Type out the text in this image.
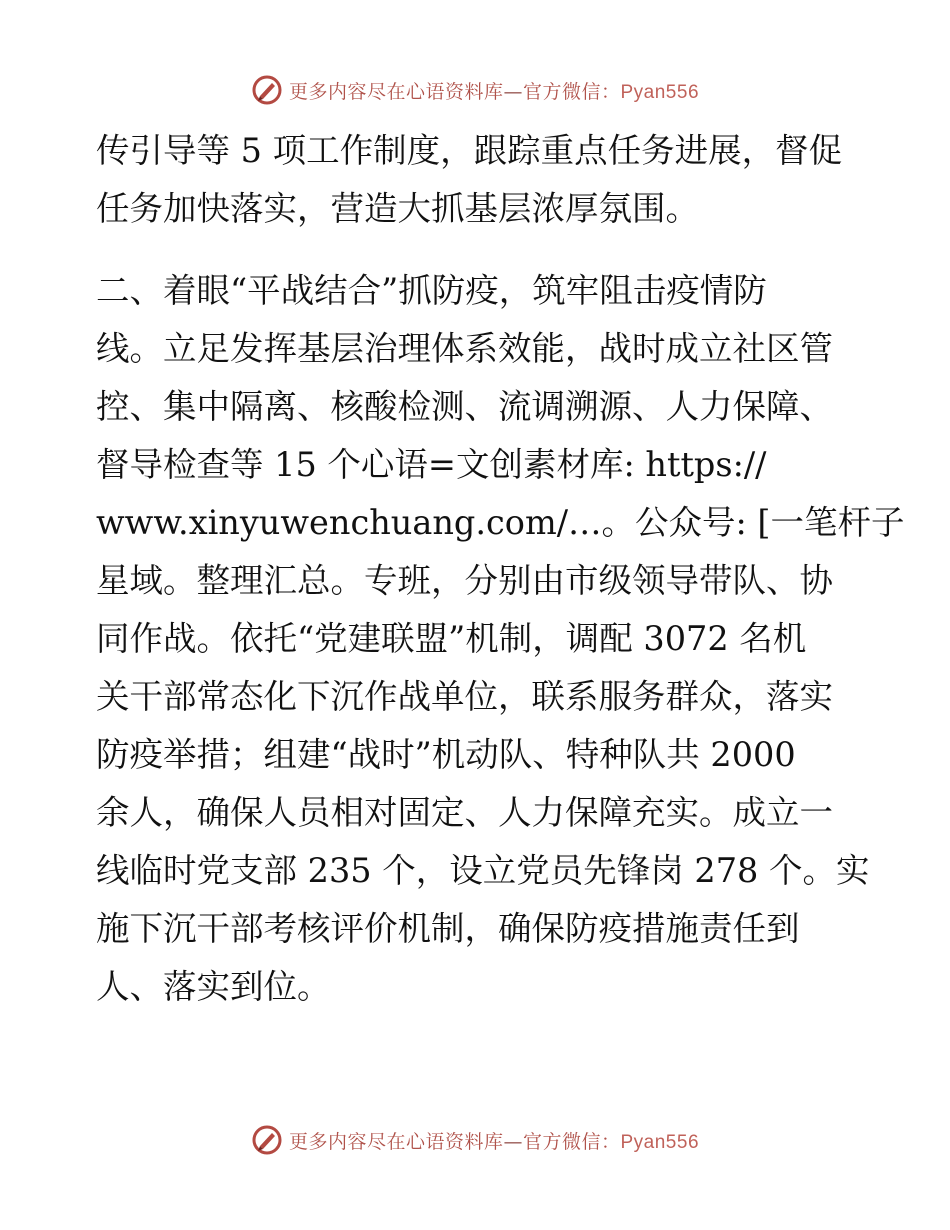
更多内容尽在心语资料库—官方微信：Pyan556
传引导等 5 项工作制度，跟踪重点任务进展，督促
任务加快落实，营造大抓基层浓厚氛围。
二、着眼“平战结合”抓防疫，筑牢阻击疫情防
线。立足发挥基层治理体系效能，战时成立社区管
控、集中隔离、核酸检测、流调溯源、人力保障、
督导检查等 15 个心语=文创素材库: https://
www.xinyuwenchuang.com/…。公众号: [一笔杆子
星域。整理汇总。专班，分别由市级领导带队、协
同作战。依托“党建联盟”机制，调配 3072 名机
关干部常态化下沉作战单位，联系服务群众，落实
防疫举措；组建“战时”机动队、特种队共 2000
余人，确保人员相对固定、人力保障充实。成立一
线临时党支部 235 个，设立党员先锋岗 278 个。实
施下沉干部考核评价机制，确保防疫措施责任到
人、落实到位。
更多内容尽在心语资料库—官方微信：Pyan556
